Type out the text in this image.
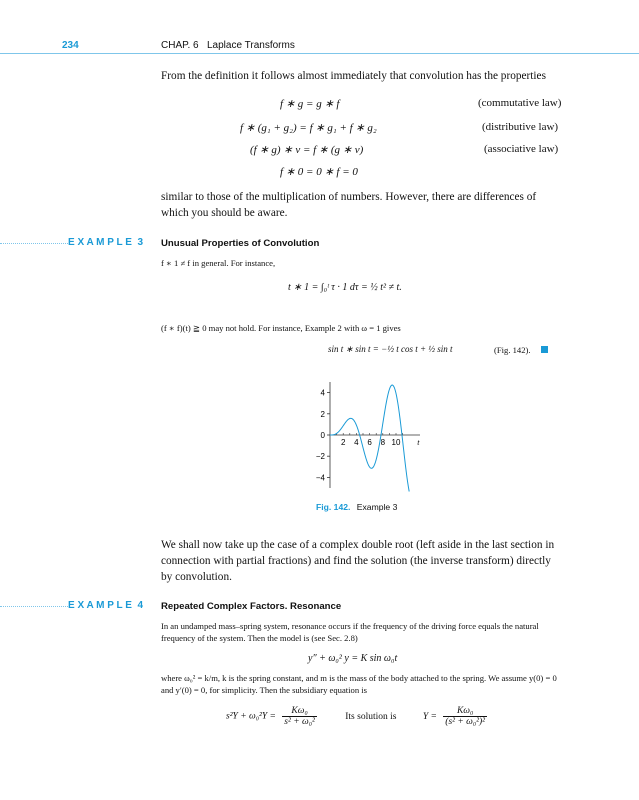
234	CHAP. 6 Laplace Transforms
From the definition it follows almost immediately that convolution has the properties
f ∗ g = g ∗ f	(commutative law)
f ∗ (g₁ + g₂) = f ∗ g₁ + f ∗ g₂	(distributive law)
(f ∗ g) ∗ v = f ∗ (g ∗ v)	(associative law)
f ∗ 0 = 0 ∗ f = 0
similar to those of the multiplication of numbers. However, there are differences of which you should be aware.
E X A M P L E  3 Unusual Properties of Convolution
f ∗ 1 ≠ f in general. For instance,
t ∗ 1 = ∫₀ᵗ τ · 1 dτ = ½ t² ≠ t.
(f ∗ f)(t) ≧ 0 may not hold. For instance, Example 2 with ω = 1 gives
sin t ∗ sin t = −½ t cos t + ½ sin t	(Fig. 142).
4
2
0
−2
−4
2 4 6 8 10 t
Fig. 142. Example 3
We shall now take up the case of a complex double root (left aside in the last section in connection with partial fractions) and find the solution (the inverse transform) directly by convolution.
E X A M P L E  4 Repeated Complex Factors. Resonance
In an undamped mass–spring system, resonance occurs if the frequency of the driving force equals the natural frequency of the system. Then the model is (see Sec. 2.8)
y″ + ω₀² y = K sin ω₀t
where ω₀² = k/m, k is the spring constant, and m is the mass of the body attached to the spring. We assume y(0) = 0 and y′(0) = 0, for simplicity. Then the subsidiary equation is
$s^2Y + \omega_0^2Y = \frac{\text{Kω₀}}{\text{s² + ω₀²}}$	Its solution is	$Y = \frac{\text{Kω₀}}{\text{(s² + ω₀²)²}}$
